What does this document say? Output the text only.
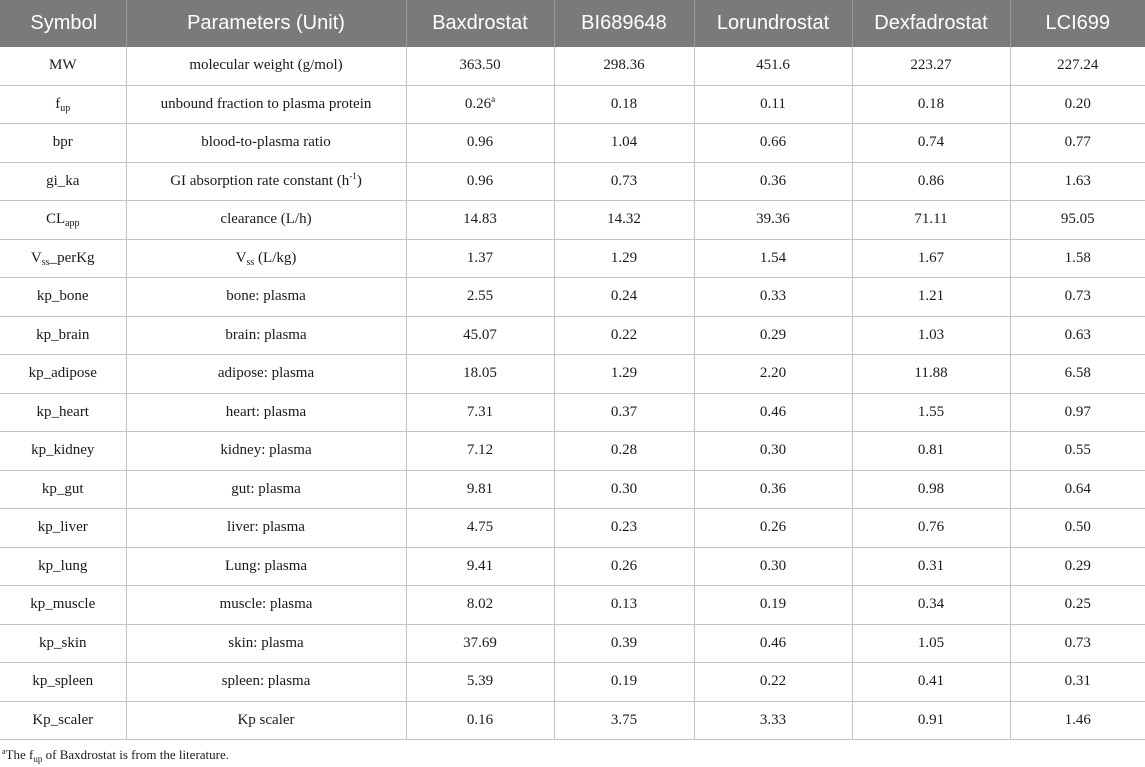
Symbol	Parameters (Unit)	Baxdrostat	BI689648	Lorundrostat	Dexfadrostat	LCI699
MW	molecular weight (g/mol)	363.50	298.36	451.6	223.27	227.24
$f_{up}$	unbound fraction to plasma protein	0.26$^a$	0.18	0.11	0.18	0.20
bpr	blood-to-plasma ratio	0.96	1.04	0.66	0.74	0.77
gi_ka	GI absorption rate constant $(h^{-1})$	0.96	0.73	0.36	0.86	1.63
$CL_{app}$	clearance (L/h)	14.83	14.32	39.36	71.11	95.05
$V_{ss}\_perKg$	$V_{ss}$ (L/kg)	1.37	1.29	1.54	1.67	1.58
kp_bone	bone: plasma	2.55	0.24	0.33	1.21	0.73
kp_brain	brain: plasma	45.07	0.22	0.29	1.03	0.63
kp_adipose	adipose: plasma	18.05	1.29	2.20	11.88	6.58
kp_heart	heart: plasma	7.31	0.37	0.46	1.55	0.97
kp_kidney	kidney: plasma	7.12	0.28	0.30	0.81	0.55
kp_gut	gut: plasma	9.81	0.30	0.36	0.98	0.64
kp_liver	liver: plasma	4.75	0.23	0.26	0.76	0.50
kp_lung	Lung: plasma	9.41	0.26	0.30	0.31	0.29
kp_muscle	muscle: plasma	8.02	0.13	0.19	0.34	0.25
kp_skin	skin: plasma	37.69	0.39	0.46	1.05	0.73
kp_spleen	spleen: plasma	5.39	0.19	0.22	0.41	0.31
Kp_scaler	Kp scaler	0.16	3.75	3.33	0.91	1.46
$^a$The $f_{up}$ of Baxdrostat is from the literature.
